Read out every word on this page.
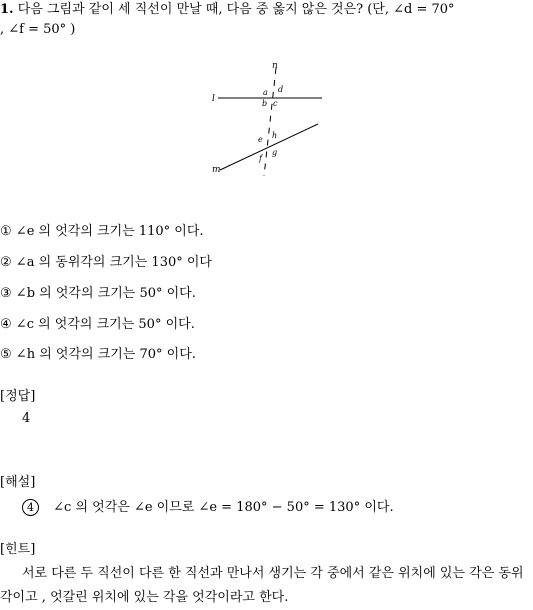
1. 다음 그림과 같이 세 직선이 만날 때, 다음 중 옳지 않은 것은? (단, ∠d = 70°
, ∠f = 50° )
n
l
m
a d
b c
e h
f
g
① ∠e 의 엇각의 크기는 110° 이다.
② ∠a 의 동위각의 크기는 130° 이다
③ ∠b 의 엇각의 크기는 50° 이다.
④ ∠c 의 엇각의 크기는 50° 이다.
⑤ ∠h 의 엇각의 크기는 70° 이다.
[정답]
4
[해설]
4 ∠c 의 엇각은 ∠e 이므로 ∠e = 180° − 50° = 130° 이다.
[힌트]
서로 다른 두 직선이 다른 한 직선과 만나서 생기는 각 중에서 같은 위치에 있는 각은 동위각이고 , 엇갈린 위치에 있는 각을 엇각이라고 한다.
